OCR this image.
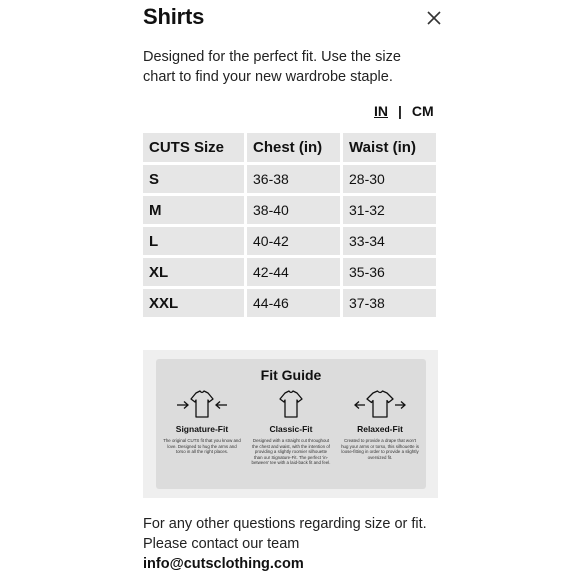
Shirts
Designed for the perfect fit. Use the size
chart to find your new wardrobe staple.
IN | CM
CUTS Size	Chest (in)	Waist (in)
S	36-38	28-30
M	38-40	31-32
L	40-42	33-34
XL	42-44	35-36
XXL	44-46	37-38
Fit Guide
Signature-Fit
The original CUTS fit that you know and love. Designed to hug the arms and torso in all the right places.
Classic-Fit
Designed with a straight cut throughout the chest and waist, with the intention of providing a slightly roomier silhouette than our Signature-Fit. The perfect 'in-between' tee with a laid-back fit and feel.
Relaxed-Fit
Created to provide a drape that won't hug your arms or torso, this silhouette is loose-fitting in order to provide a slightly oversized fit.
For any other questions regarding size or fit.
Please contact our team
info@cutsclothing.com
